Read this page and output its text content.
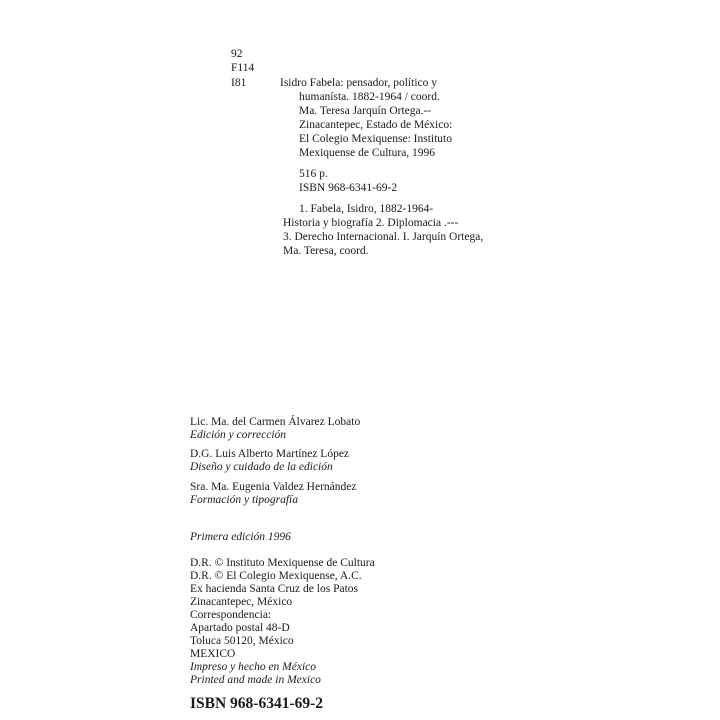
92
F114
I81	Isidro Fabela: pensador, político y
humanísta. 1882-1964 / coord.
Ma. Teresa Jarquín Ortega.--
Zinacantepec, Estado de México:
El Colegio Mexiquense: Instituto
Mexiquense de Cultura, 1996
516 p.
ISBN 968-6341-69-2
1. Fabela, Isidro, 1882-1964-
Historia y biografía 2. Diplomacia .---
3. Derecho Internacional. I. Jarquín Ortega,
Ma. Teresa, coord.
Lic. Ma. del Carmen Álvarez Lobato
Edición y corrección
D.G. Luis Alberto Martínez López
Diseño y cuidado de la edición
Sra. Ma. Eugenia Valdez Hernández
Formación y tipografía
Primera edición 1996
D.R. © Instituto Mexiquense de Cultura
D.R. © El Colegio Mexiquense, A.C.
Ex hacienda Santa Cruz de los Patos
Zinacantepec, México
Correspondencia:
Apartado postal 48-D
Toluca 50120, México
MEXICO
Impreso y hecho en México
Printed and made in Mexico
ISBN 968-6341-69-2
